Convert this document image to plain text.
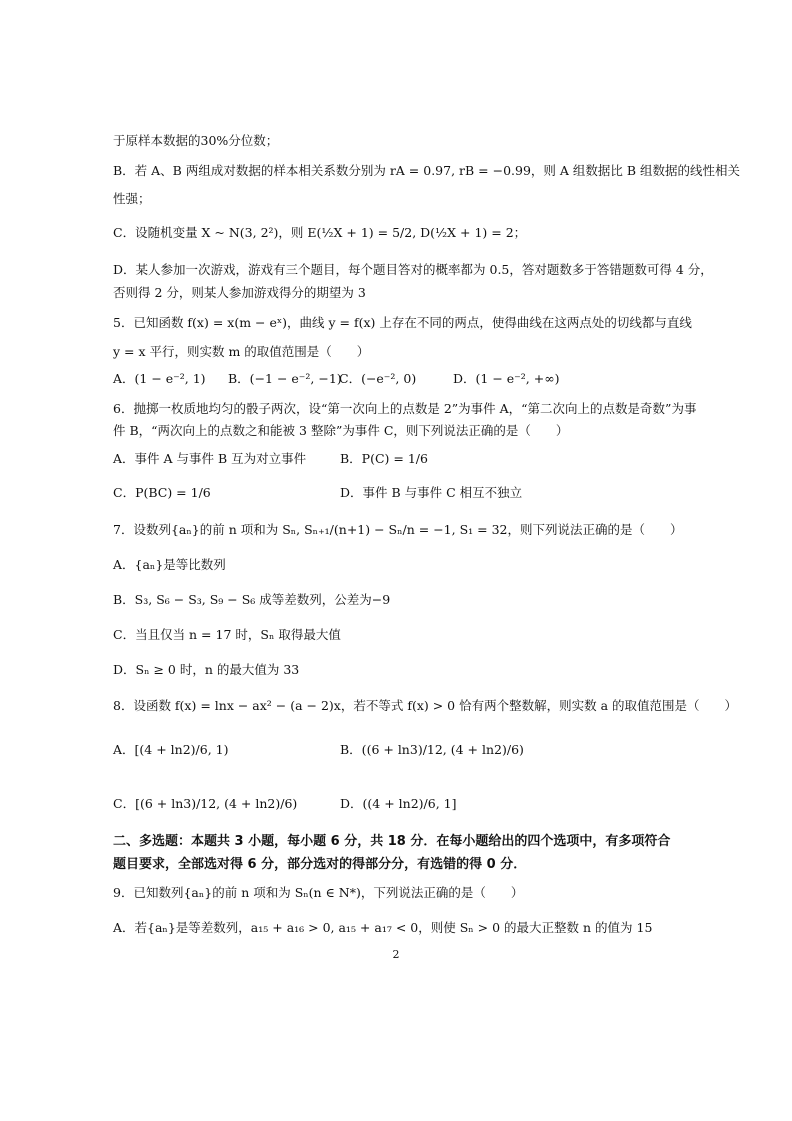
于原样本数据的30%分位数；
B．若 A、B 两组成对数据的样本相关系数分别为 rA = 0.97, rB = −0.99，则 A 组数据比 B 组数据的线性相关
性强；
C．设随机变量 X ~ N(3, 2²)，则 E(½X + 1) = 5/2, D(½X + 1) = 2；
D．某人参加一次游戏，游戏有三个题目，每个题目答对的概率都为 0.5，答对题数多于答错题数可得 4 分，
否则得 2 分，则某人参加游戏得分的期望为 3
5．已知函数 f(x) = x(m − eˣ)，曲线 y = f(x) 上存在不同的两点，使得曲线在这两点处的切线都与直线
y = x 平行，则实数 m 的取值范围是（　　）
A．(1 − e⁻², 1) B．(−1 − e⁻², −1)
C．(−e⁻², 0)	D．(1 − e⁻², +∞)
6．抛掷一枚质地均匀的骰子两次，设“第一次向上的点数是 2”为事件 A，“第二次向上的点数是奇数”为事
件 B，“两次向上的点数之和能被 3 整除”为事件 C，则下列说法正确的是（　　）
A．事件 A 与事件 B 互为对立事件	B．P(C) = 1/6
C．P(BC) = 1/6	D．事件 B 与事件 C 相互不独立
7．设数列{aₙ}的前 n 项和为 Sₙ, Sₙ₊₁/(n+1) − Sₙ/n = −1, S₁ = 32，则下列说法正确的是（　　）
A．{aₙ}是等比数列
B．S₃, S₆ − S₃, S₉ − S₆ 成等差数列，公差为−9
C．当且仅当 n = 17 时，Sₙ 取得最大值
D．Sₙ ≥ 0 时，n 的最大值为 33
8．设函数 f(x) = lnx − ax² − (a − 2)x，若不等式 f(x) > 0 恰有两个整数解，则实数 a 的取值范围是（　　）
A．[(4 + ln2)/6, 1)	B．((6 + ln3)/12, (4 + ln2)/6)
C．[(6 + ln3)/12, (4 + ln2)/6)	D．((4 + ln2)/6, 1]
二、多选题：本题共 3 小题，每小题 6 分，共 18 分．在每小题给出的四个选项中，有多项符合
题目要求，全部选对得 6 分，部分选对的得部分分，有选错的得 0 分．
9．已知数列{aₙ}的前 n 项和为 Sₙ(n ∈ N*)，下列说法正确的是（　　）
A．若{aₙ}是等差数列，a₁₅ + a₁₆ > 0, a₁₅ + a₁₇ < 0，则使 Sₙ > 0 的最大正整数 n 的值为 15
2
